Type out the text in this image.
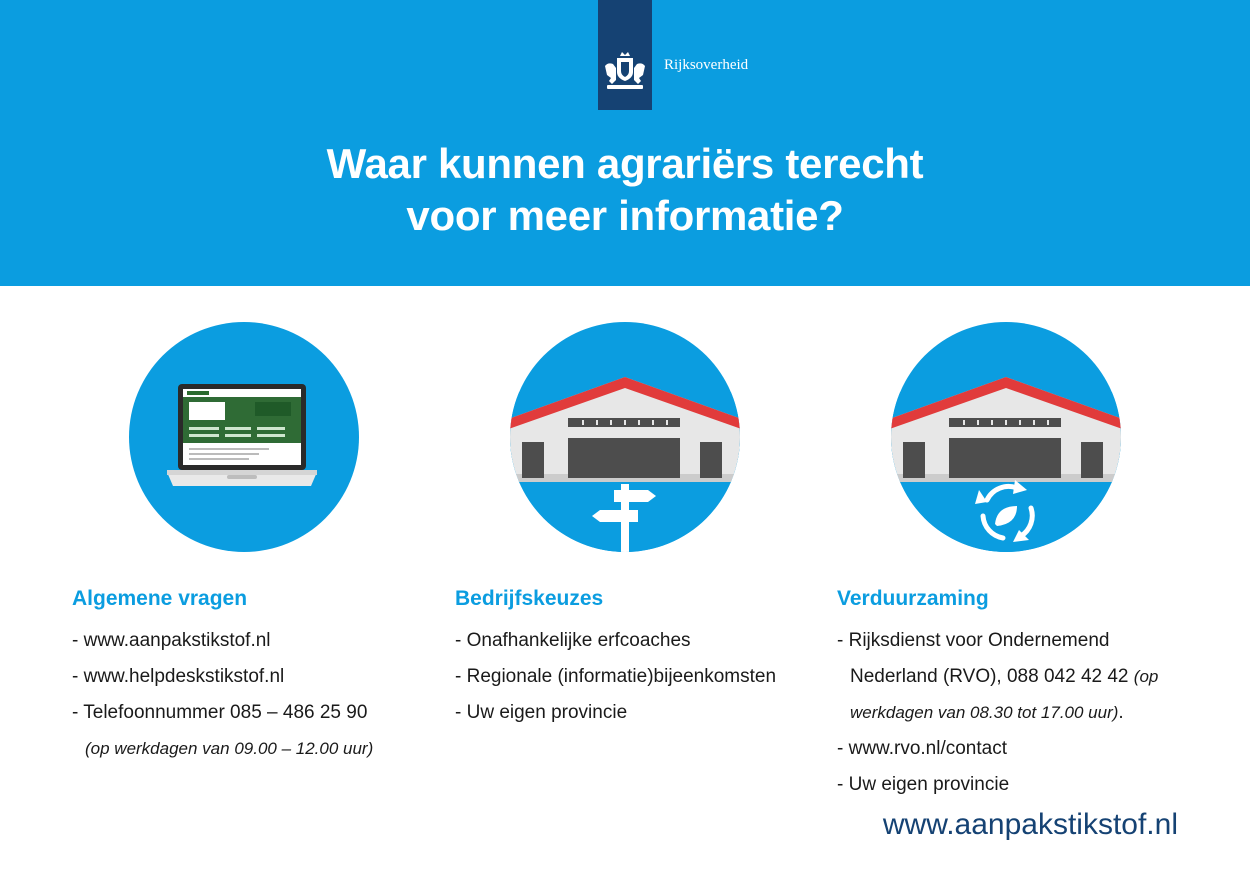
Rijksoverheid
Waar kunnen agrariërs terecht
voor meer informatie?
Algemene vragen
- www.aanpakstikstof.nl
- www.helpdeskstikstof.nl
- Telefoonnummer 085 – 486 25 90
(op werkdagen van 09.00 – 12.00 uur)
Bedrijfskeuzes
- Onafhankelijke erfcoaches
- Regionale (informatie)bijeenkomsten
- Uw eigen provincie
Verduurzaming
- Rijksdienst voor Ondernemend
Nederland (RVO), 088 042 42 42 (op
werkdagen van 08.30 tot 17.00 uur).
- www.rvo.nl/contact
- Uw eigen provincie
www.aanpakstikstof.nl
